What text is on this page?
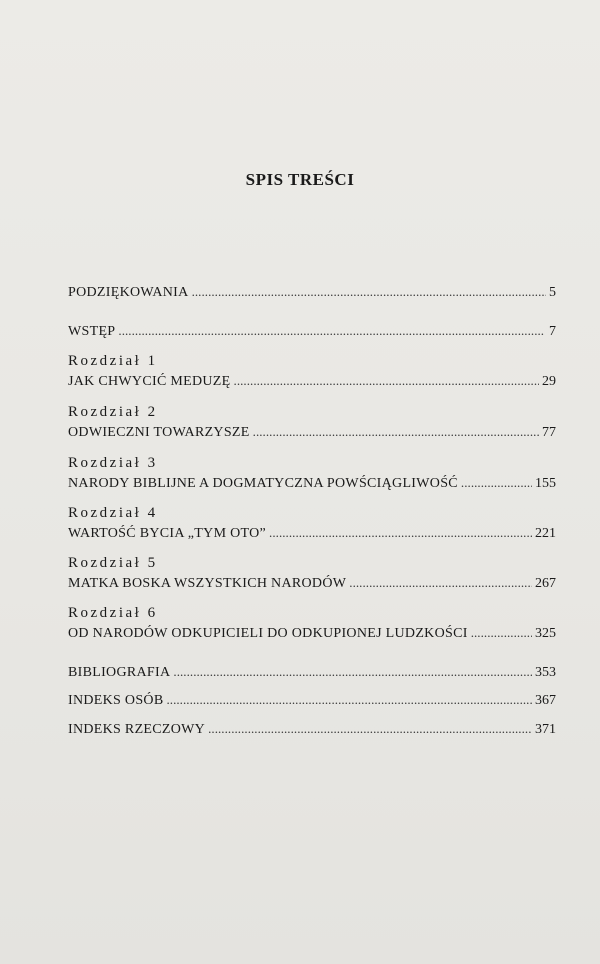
SPIS TREŚCI
PODZIĘKOWANIA . . .	5
WSTĘP . . .	7
Rozdział 1
JAK CHWYCIĆ MEDUZĘ . . .	29
Rozdział 2
ODWIECZNI TOWARZYSZE . . .	77
Rozdział 3
NARODY BIBLIJNE A DOGMATYCZNA POWŚCIĄGLIWOŚĆ . . .	155
Rozdział 4
WARTOŚĆ BYCIA „TYM OTO” . . .	221
Rozdział 5
MATKA BOSKA WSZYSTKICH NARODÓW . . .	267
Rozdział 6
OD NARODÓW ODKUPICIELI DO ODKUPIONEJ LUDZKOŚCI . . .	325
BIBLIOGRAFIA . . .	353
INDEKS OSÓB . . .	367
INDEKS RZECZOWY . . .	371
